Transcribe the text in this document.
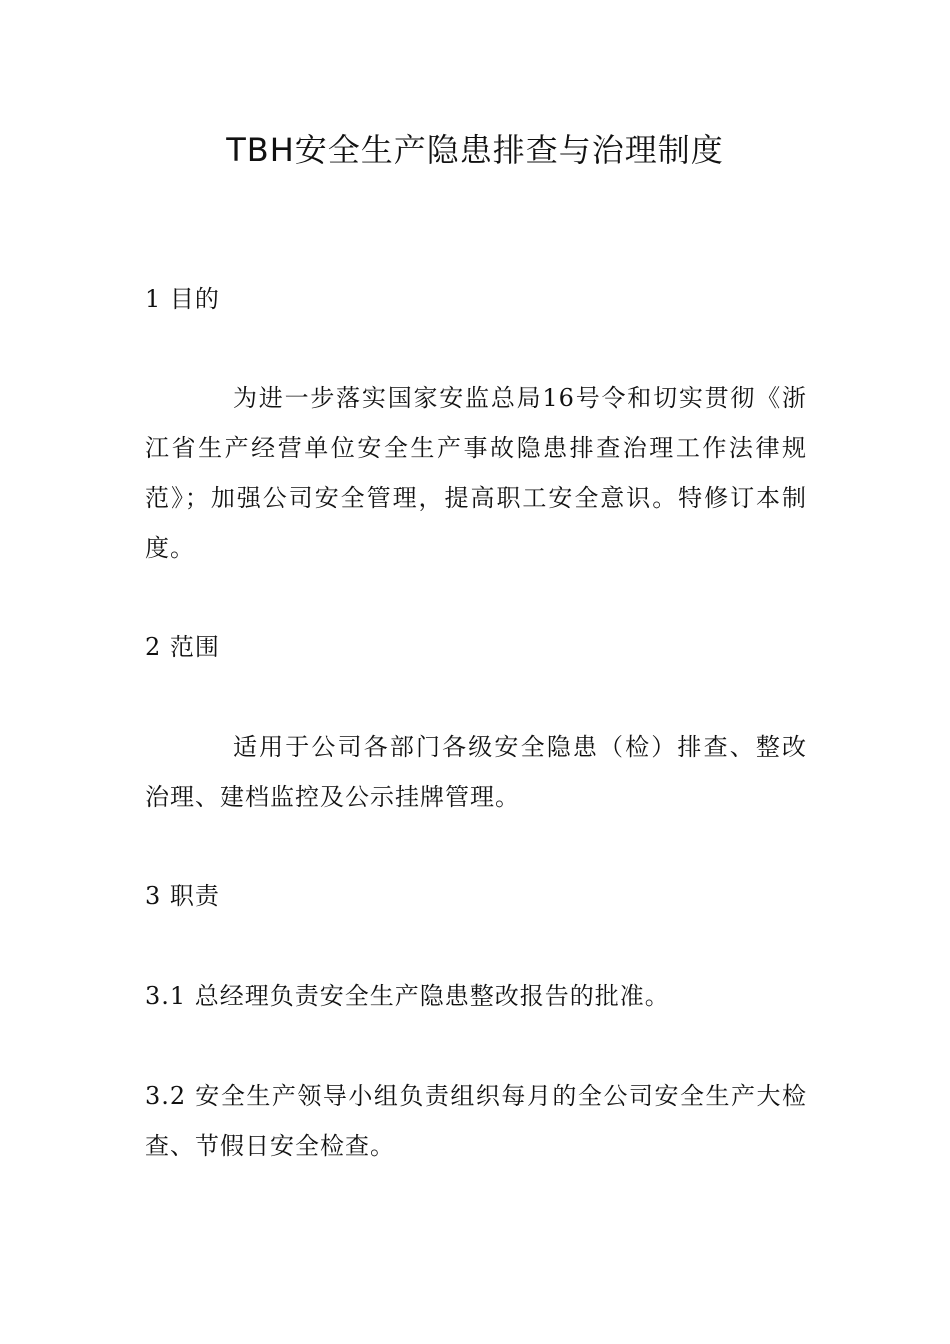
TBH安全生产隐患排查与治理制度

1 目的

为进一步落实国家安监总局16号令和切实贯彻《浙江省生产经营单位安全生产事故隐患排查治理工作法律规范》；加强公司安全管理，提高职工安全意识。特修订本制度。

2 范围

适用于公司各部门各级安全隐患（检）排查、整改治理、建档监控及公示挂牌管理。

3 职责

3.1 总经理负责安全生产隐患整改报告的批准。

3.2 安全生产领导小组负责组织每月的全公司安全生产大检查、节假日安全检查。
